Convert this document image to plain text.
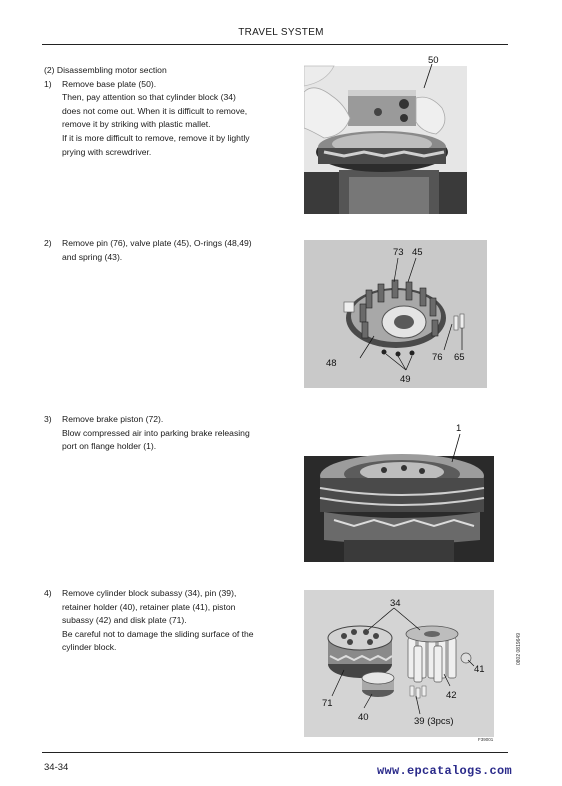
TRAVEL SYSTEM
(2) Disassembling motor section
1) Remove base plate (50).
Then, pay attention so that cylinder block (34)
does not come out. When it is difficult to remove,
remove it by striking with plastic mallet.
If it is more difficult to remove, remove it by lightly
prying with screwdriver.
50
2) Remove pin (76), valve plate (45), O-rings (48,49)
and spring (43).	73 45
48
76 65
49
3) Remove brake piston (72).
Blow compressed air into parking brake releasing
port on flange holder (1).
1
4) Remove cylinder block subassy (34), pin (39),
retainer holder (40), retainer plate (41), piston
subassy (42) and disk plate (71).
Be careful not to damage the sliding surface of the
cylinder block.
34
41
71
42
40	39 (3pcs)
F39001
0802 0819649
34-34	www.epcatalogs.com
